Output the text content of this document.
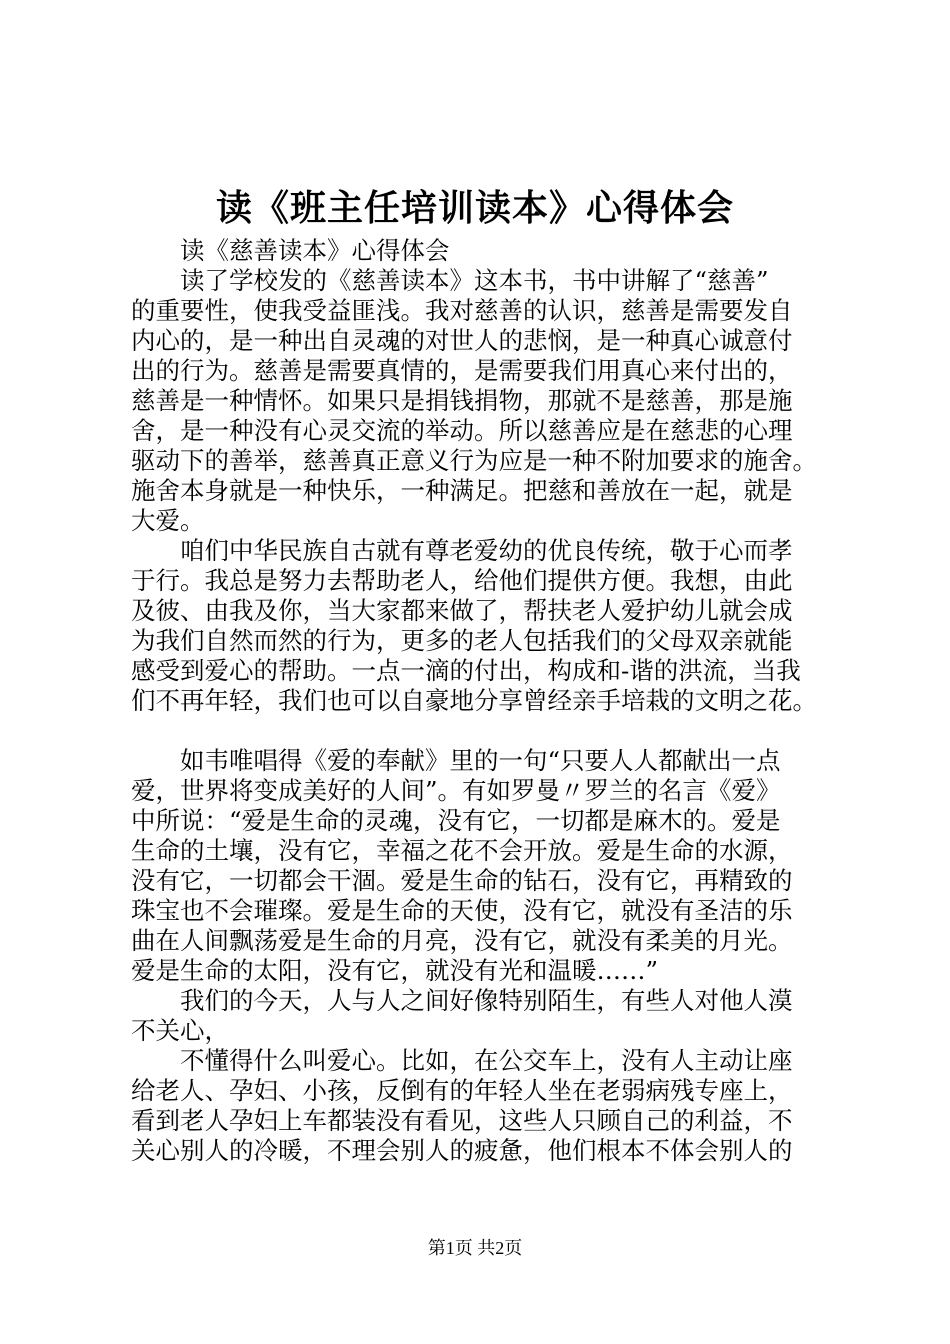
读《班主任培训读本》心得体会
　　读《慈善读本》心得体会
　　读了学校发的《慈善读本》这本书，书中讲解了“慈善”
的重要性，使我受益匪浅。我对慈善的认识，慈善是需要发自
内心的，是一种出自灵魂的对世人的悲悯，是一种真心诚意付
出的行为。慈善是需要真情的，是需要我们用真心来付出的，
慈善是一种情怀。如果只是捐钱捐物，那就不是慈善，那是施
舍，是一种没有心灵交流的举动。所以慈善应是在慈悲的心理
驱动下的善举，慈善真正意义行为应是一种不附加要求的施舍。
施舍本身就是一种快乐，一种满足。把慈和善放在一起，就是
大爱。
　　咱们中华民族自古就有尊老爱幼的优良传统，敬于心而孝
于行。我总是努力去帮助老人，给他们提供方便。我想，由此
及彼、由我及你，当大家都来做了，帮扶老人爱护幼儿就会成
为我们自然而然的行为，更多的老人包括我们的父母双亲就能
感受到爱心的帮助。一点一滴的付出，构成和-谐的洪流，当我
们不再年轻，我们也可以自豪地分享曾经亲手培栽的文明之花。
　　如韦唯唱得《爱的奉献》里的一句“只要人人都献出一点
爱，世界将变成美好的人间”。有如罗曼〃罗兰的名言《爱》
中所说：“爱是生命的灵魂，没有它，一切都是麻木的。爱是
生命的土壤，没有它，幸福之花不会开放。爱是生命的水源，
没有它，一切都会干涸。爱是生命的钻石，没有它，再精致的
珠宝也不会璀璨。爱是生命的天使，没有它，就没有圣洁的乐
曲在人间飘荡爱是生命的月亮，没有它，就没有柔美的月光。
爱是生命的太阳，没有它，就没有光和温暖……”
　　我们的今天，人与人之间好像特别陌生，有些人对他人漠
不关心，
　　不懂得什么叫爱心。比如，在公交车上，没有人主动让座
给老人、孕妇、小孩，反倒有的年轻人坐在老弱病残专座上，
看到老人孕妇上车都装没有看见，这些人只顾自己的利益，不
关心别人的冷暖，不理会别人的疲惫，他们根本不体会别人的
第1页 共2页
